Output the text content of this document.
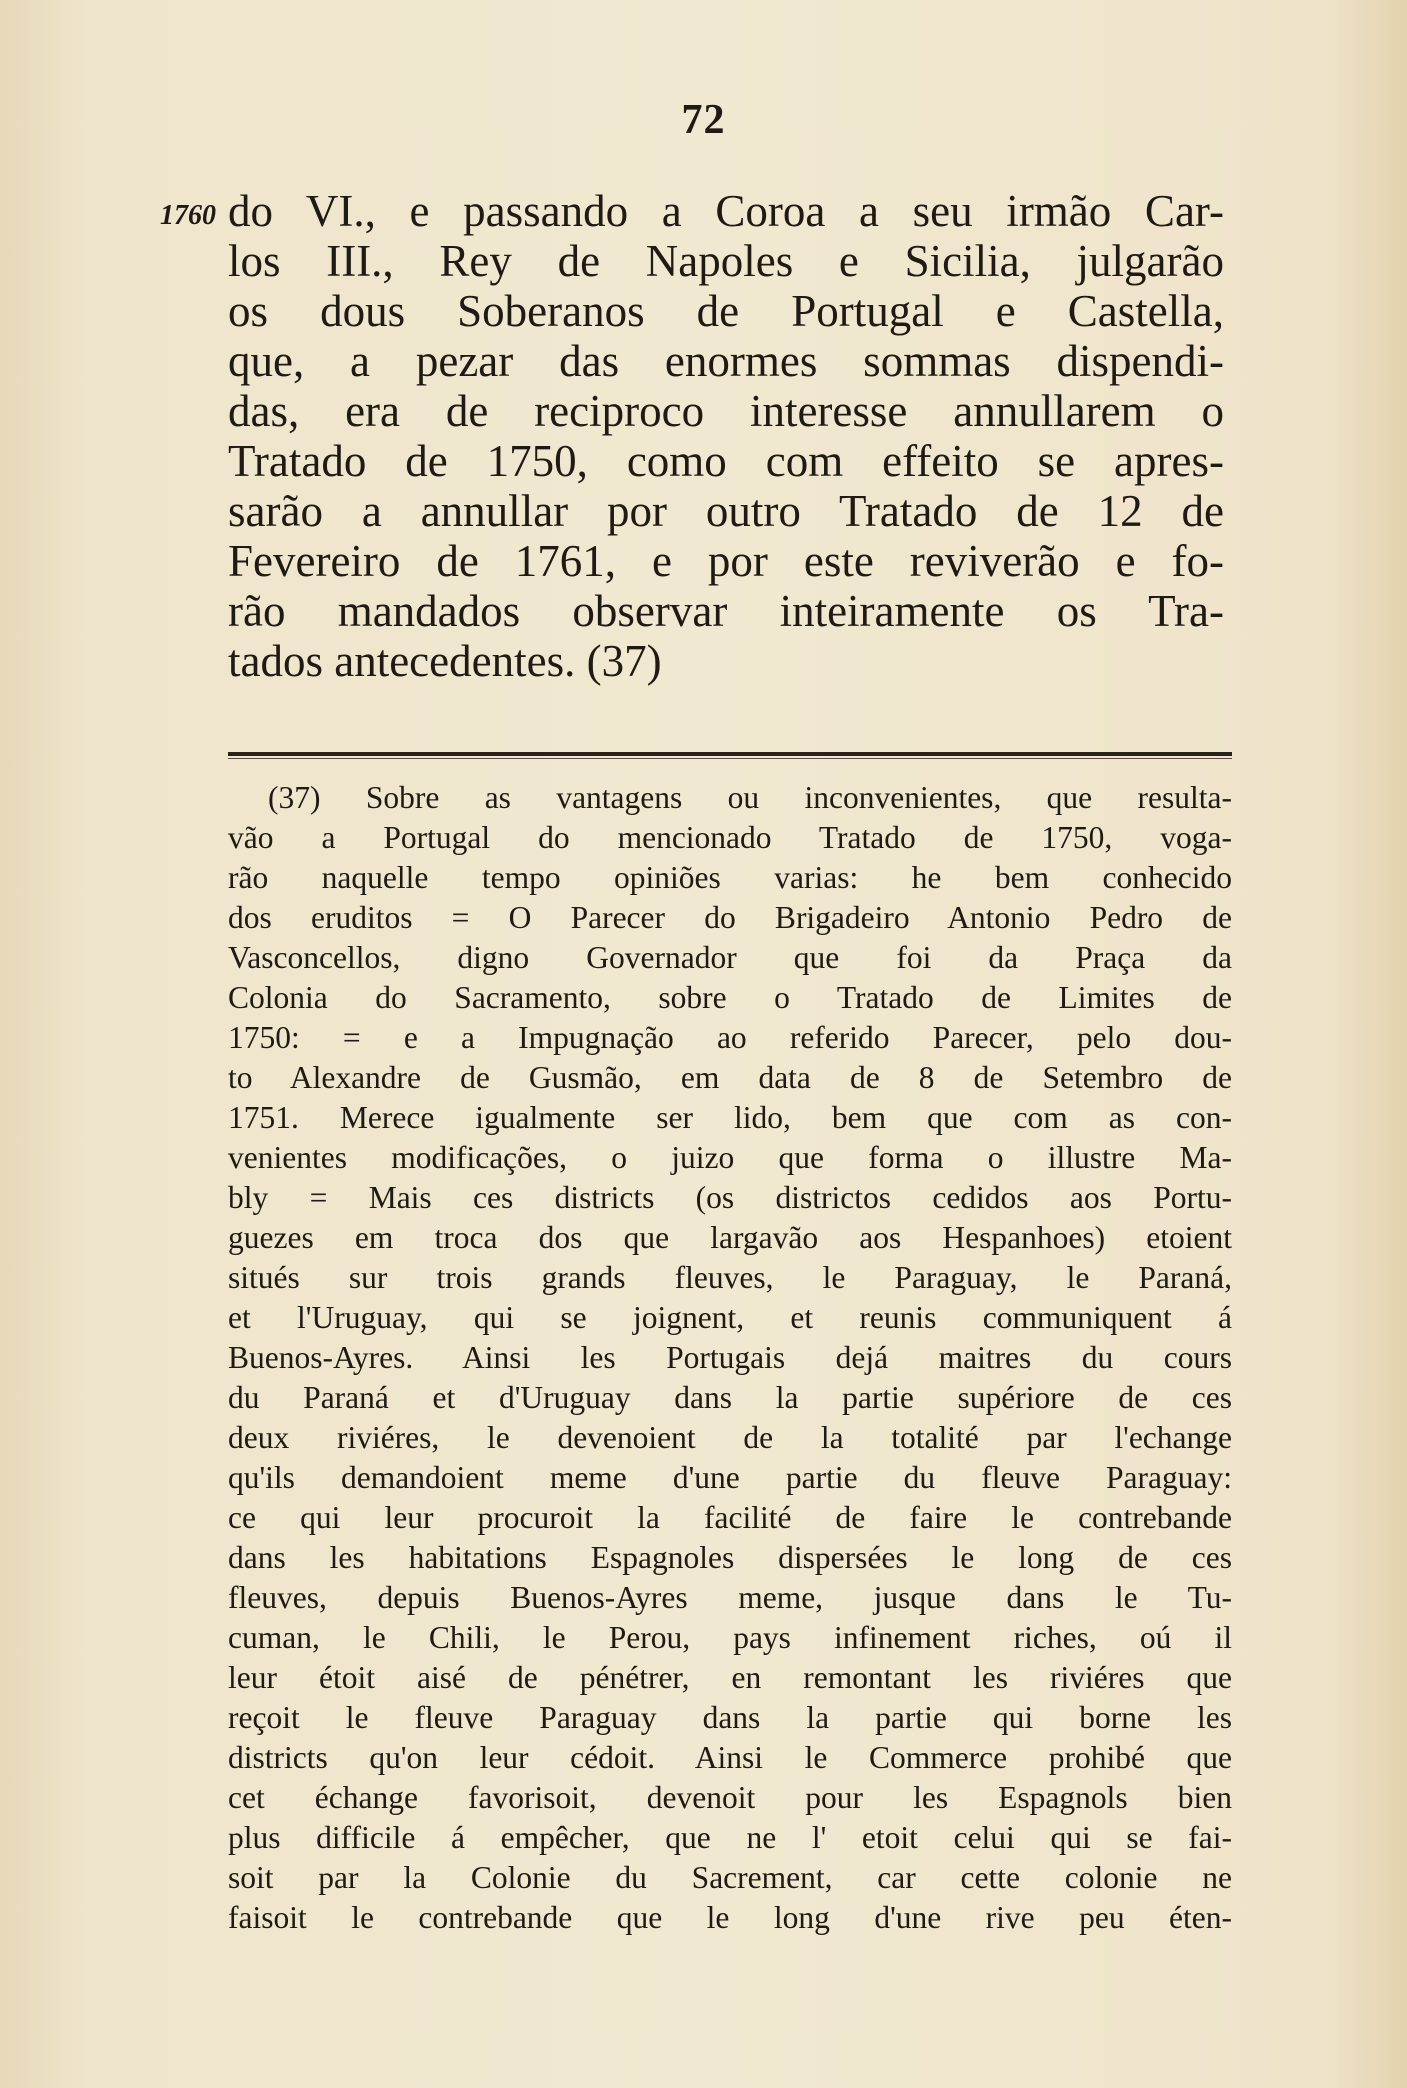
72
1760 do VI., e passando a Coroa a seu irmão Car-
los III., Rey de Napoles e Sicilia, julgarão
os dous Soberanos de Portugal e Castella,
que, a pezar das enormes sommas dispendi-
das, era de reciproco interesse annullarem o
Tratado de 1750, como com effeito se apres-
sarão a annullar por outro Tratado de 12 de
Fevereiro de 1761, e por este reviverão e fo-
rão mandados observar inteiramente os Tra-
tados antecedentes. (37)
(37) Sobre as vantagens ou inconvenientes, que resulta-
vão a Portugal do mencionado Tratado de 1750, voga-
rão naquelle tempo opiniões varias: he bem conhecido
dos eruditos = O Parecer do Brigadeiro Antonio Pedro de
Vasconcellos, digno Governador que foi da Praça da
Colonia do Sacramento, sobre o Tratado de Limites de
1750: = e a Impugnação ao referido Parecer, pelo dou-
to Alexandre de Gusmão, em data de 8 de Setembro de
1751. Merece igualmente ser lido, bem que com as con-
venientes modificações, o juizo que forma o illustre Ma-
bly = Mais ces districts (os districtos cedidos aos Portu-
guezes em troca dos que largavão aos Hespanhoes) etoient
situés sur trois grands fleuves, le Paraguay, le Paraná,
et l'Uruguay, qui se joignent, et reunis communiquent á
Buenos-Ayres. Ainsi les Portugais dejá maitres du cours
du Paraná et d'Uruguay dans la partie supériore de ces
deux riviéres, le devenoient de la totalité par l'echange
qu'ils demandoient meme d'une partie du fleuve Paraguay:
ce qui leur procuroit la facilité de faire le contrebande
dans les habitations Espagnoles dispersées le long de ces
fleuves, depuis Buenos-Ayres meme, jusque dans le Tu-
cuman, le Chili, le Perou, pays infinement riches, oú il
leur étoit aisé de pénétrer, en remontant les riviéres que
reçoit le fleuve Paraguay dans la partie qui borne les
districts qu'on leur cédoit. Ainsi le Commerce prohibé que
cet échange favorisoit, devenoit pour les Espagnols bien
plus difficile á empêcher, que ne l' etoit celui qui se fai-
soit par la Colonie du Sacrement, car cette colonie ne
faisoit le contrebande que le long d'une rive peu éten-
